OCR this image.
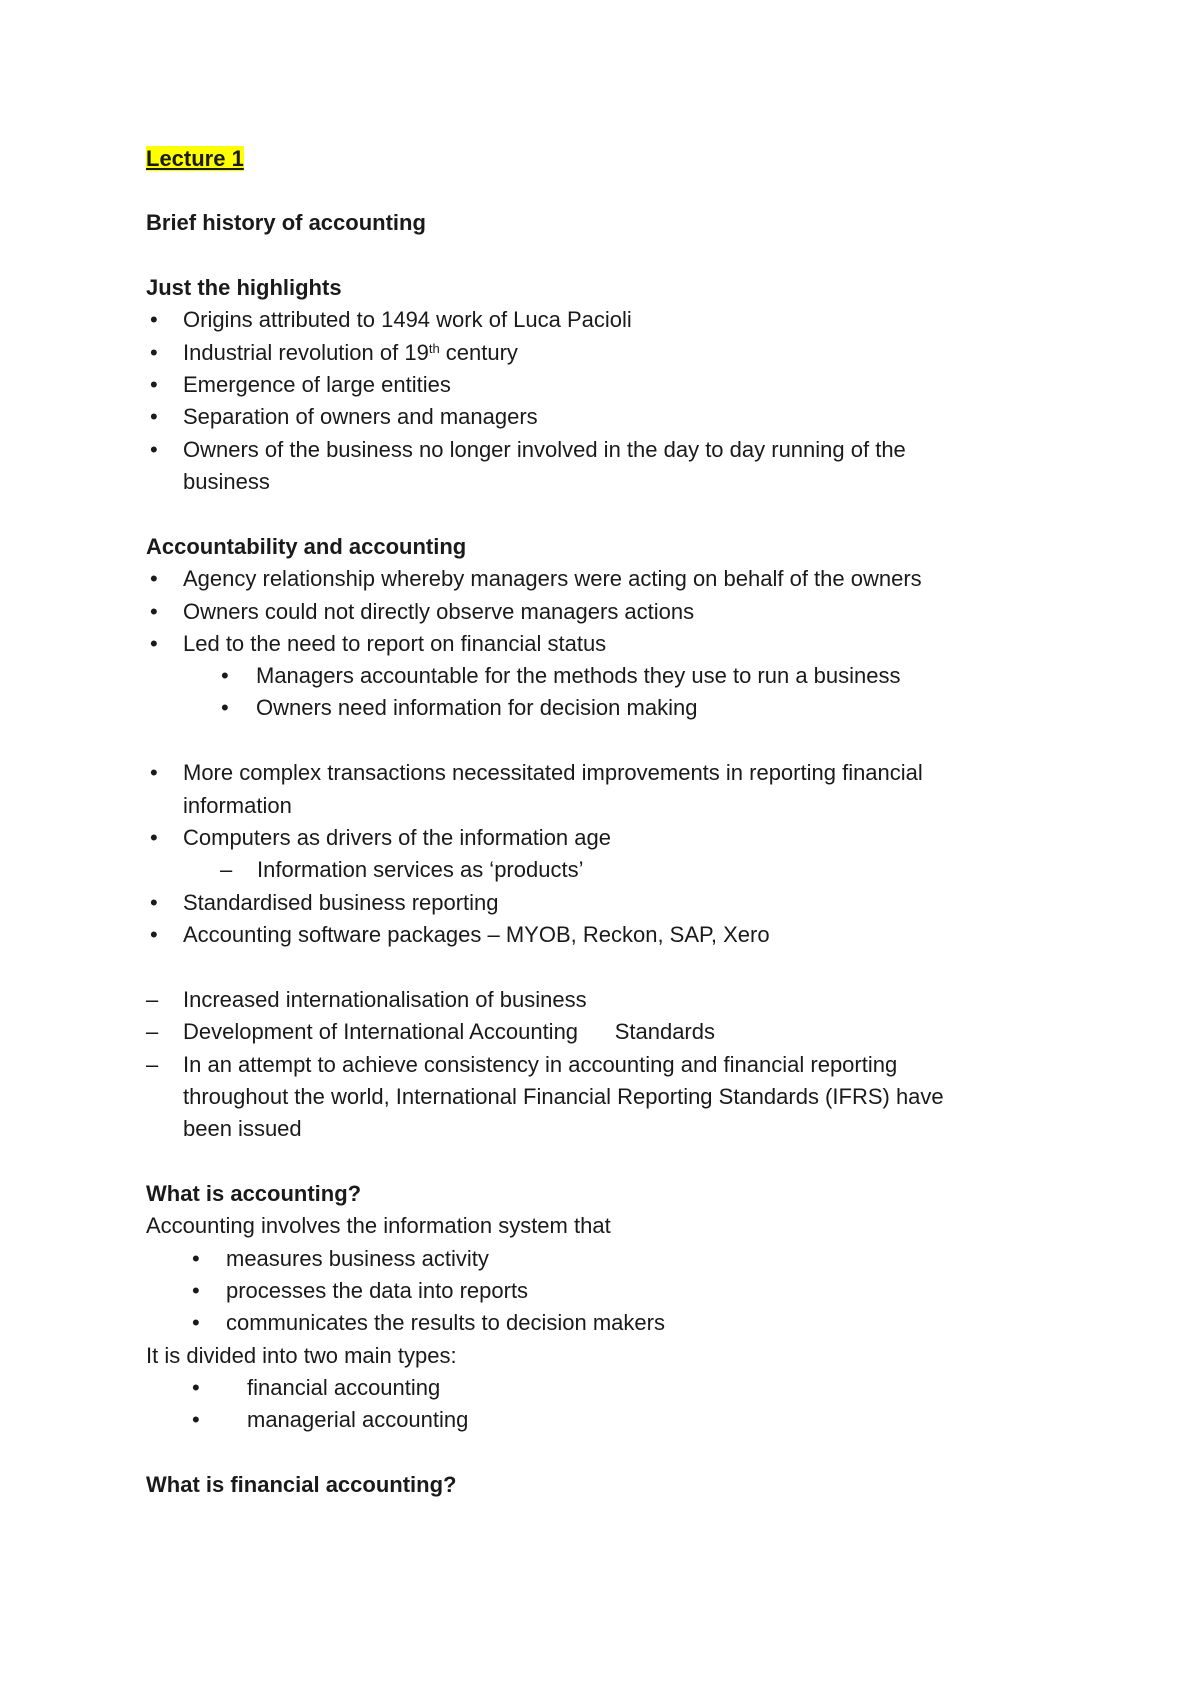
Lecture 1
Brief history of accounting
Just the highlights
• Origins attributed to 1494 work of Luca Pacioli
• Industrial revolution of 19th century
• Emergence of large entities
• Separation of owners and managers
• Owners of the business no longer involved in the day to day running of the
business
Accountability and accounting
• Agency relationship whereby managers were acting on behalf of the owners
• Owners could not directly observe managers actions
• Led to the need to report on financial status
• Managers accountable for the methods they use to run a business
• Owners need information for decision making
• More complex transactions necessitated improvements in reporting financial
information
• Computers as drivers of the information age
– Information services as ‘products’
• Standardised business reporting
• Accounting software packages – MYOB, Reckon, SAP, Xero
– Increased internationalisation of business
– Development of International Accounting      Standards
– In an attempt to achieve consistency in accounting and financial reporting
throughout the world, International Financial Reporting Standards (IFRS) have
been issued
What is accounting?
Accounting involves the information system that
• measures business activity
• processes the data into reports
• communicates the results to decision makers
It is divided into two main types:
• financial accounting
• managerial accounting
What is financial accounting?
